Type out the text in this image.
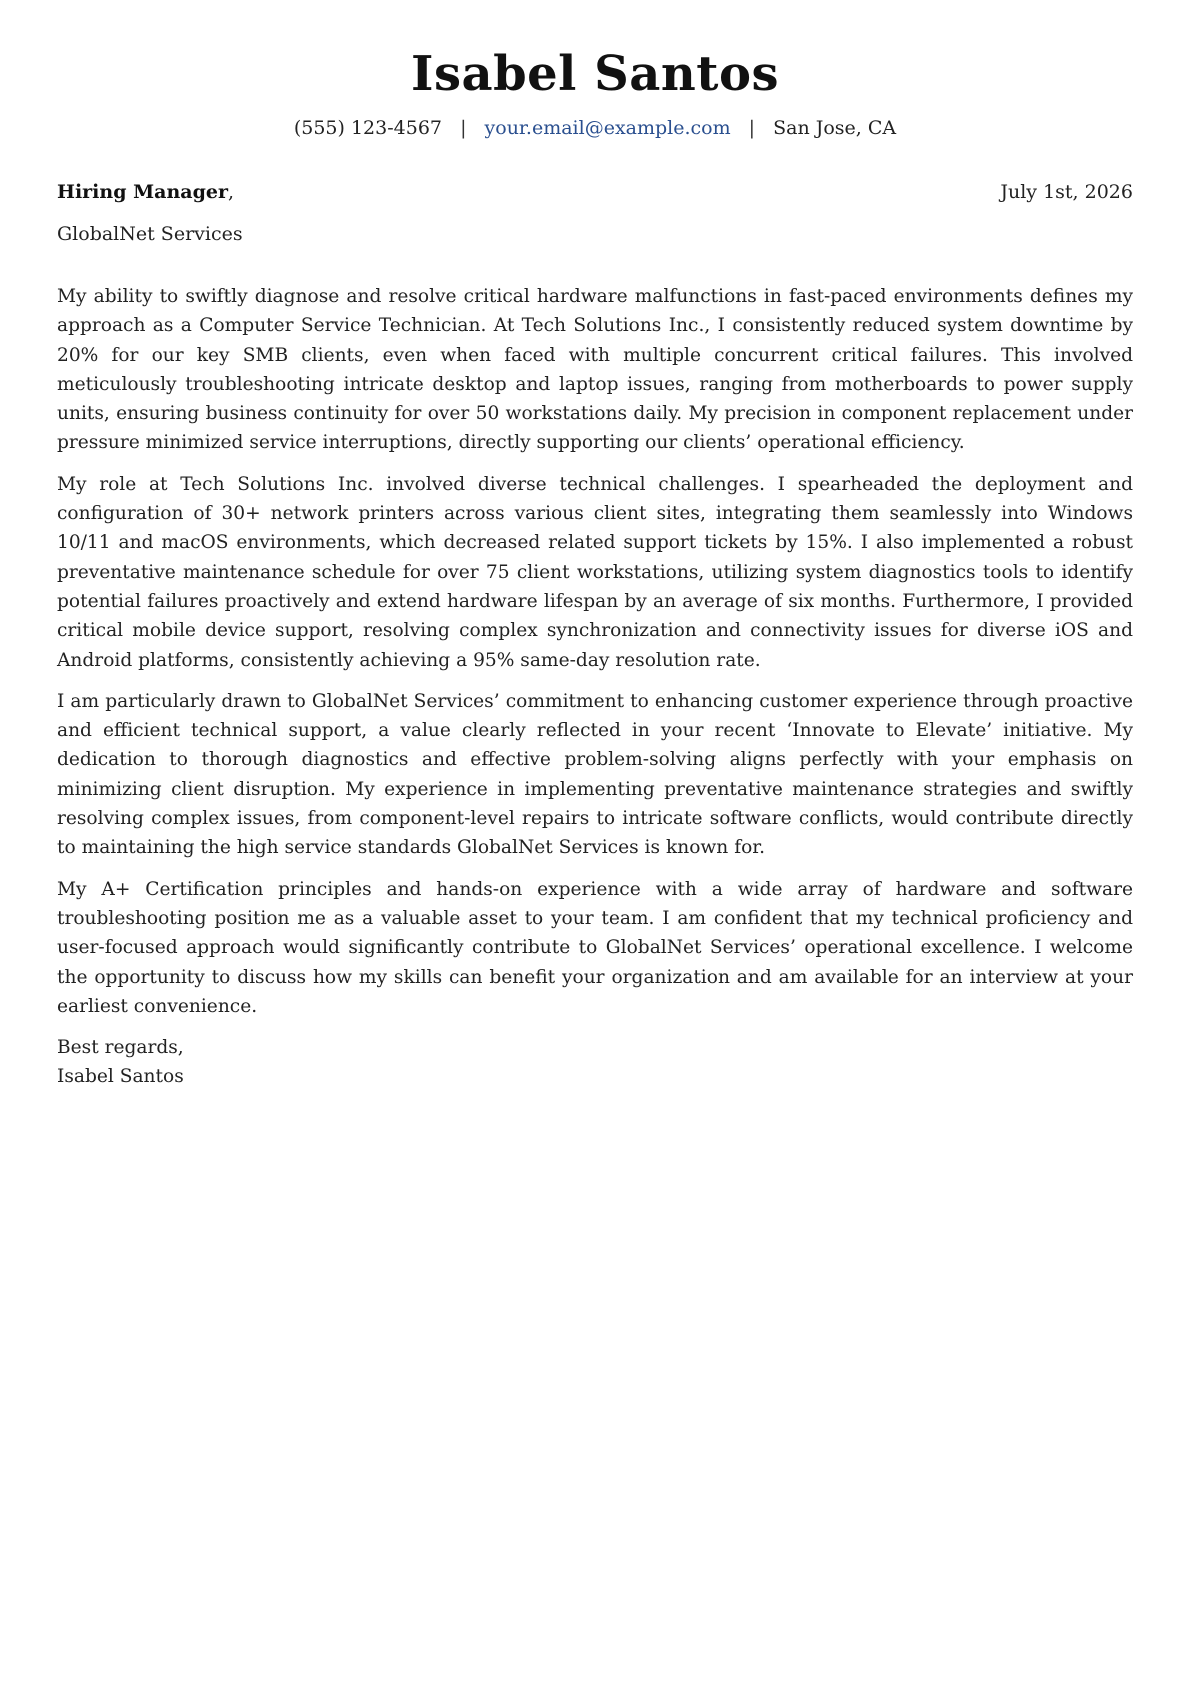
Isabel Santos
(555) 123-4567 | your.email@example.com | San Jose, CA
Hiring Manager,	July 1st, 2026
GlobalNet Services

My ability to swiftly diagnose and resolve critical hardware malfunctions in fast-paced environments defines my approach as a Computer Service Technician. At Tech Solutions Inc., I consistently reduced system downtime by 20% for our key SMB clients, even when faced with multiple concurrent critical failures. This involved meticulously troubleshooting intricate desktop and laptop issues, ranging from motherboards to power supply units, ensuring business continuity for over 50 workstations daily. My precision in component replacement under pressure minimized service interruptions, directly supporting our clients’ operational efficiency.

My role at Tech Solutions Inc. involved diverse technical challenges. I spearheaded the deployment and configuration of 30+ network printers across various client sites, integrating them seamlessly into Windows 10/11 and macOS environments, which decreased related support tickets by 15%. I also implemented a robust preventative maintenance schedule for over 75 client workstations, utilizing system diagnostics tools to identify potential failures proactively and extend hardware lifespan by an average of six months. Furthermore, I provided critical mobile device support, resolving complex synchronization and connectivity issues for diverse iOS and Android platforms, consistently achieving a 95% same-day resolution rate.

I am particularly drawn to GlobalNet Services’ commitment to enhancing customer experience through proactive and efficient technical support, a value clearly reflected in your recent ‘Innovate to Elevate’ initiative. My dedication to thorough diagnostics and effective problem-solving aligns perfectly with your emphasis on minimizing client disruption. My experience in implementing preventative maintenance strategies and swiftly resolving complex issues, from component-level repairs to intricate software conflicts, would contribute directly to maintaining the high service standards GlobalNet Services is known for.

My A+ Certification principles and hands-on experience with a wide array of hardware and software troubleshooting position me as a valuable asset to your team. I am confident that my technical proficiency and user-focused approach would significantly contribute to GlobalNet Services’ operational excellence. I welcome the opportunity to discuss how my skills can benefit your organization and am available for an interview at your earliest convenience.

Best regards,
Isabel Santos
